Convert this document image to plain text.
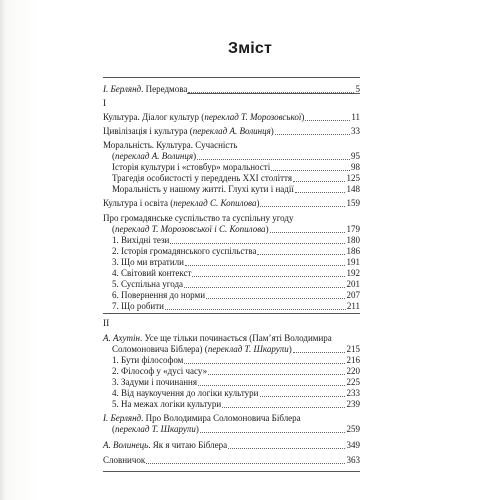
Зміст
І. Берлянд. Передмова	5
І
Культура. Діалог культур (переклад Т. Морозовської)	11
Цивілізація і культура (переклад А. Волинця)	33
Моральність. Культура. Сучасність
(переклад А. Волинця)	95
Історія культури і «стовбур» моральності	98
Трагедія особистості у переддень XXI століття	125
Моральність у нашому житті. Глухі кути і надії	148
Культура і освіта (переклад С. Копилова)	159
Про громадянське суспільство та суспільну угоду
(переклад Т. Морозовської і С. Копилова)	179
1. Вихідні тези	180
2. Історія громадянського суспільства	186
3. Що ми втратили	191
4. Світовий контекст	192
5. Суспільна угода	201
6. Повернення до норми	207
7. Що робити	211
ІІ
А. Ахутін. Усе ще тільки починається (Пам’яті Володимира
Соломоновича Біблера) (переклад Т. Шкаруπи)	215
1. Бути філософом	216
2. Філософ у «дусі часу»	220
3. Задуми і починання	225
4. Від наукоучення до логіки культури	233
5. На межах логіки культури	239
І. Берлянд. Про Володимира Соломоновича Біблера
(переклад Т. Шкаруπи)	259
А. Волинець. Як я читаю Біблера	349
Словничок	363
